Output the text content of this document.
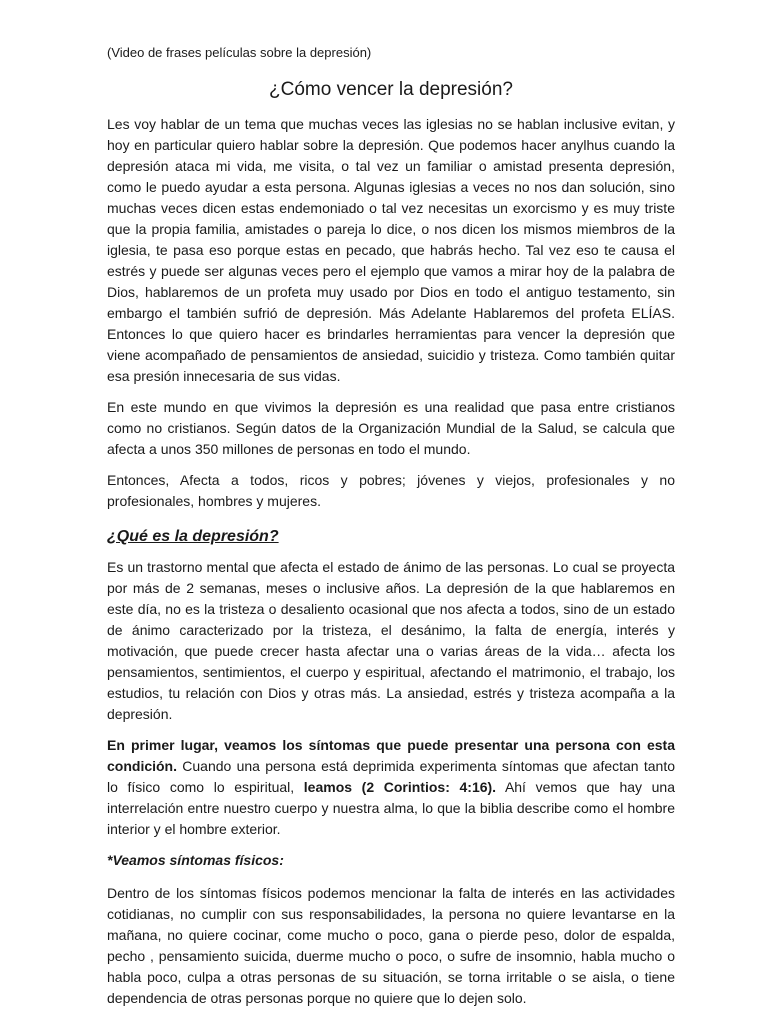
(Video de frases películas sobre la depresión)
¿Cómo vencer la depresión?

Les voy hablar de un tema que muchas veces las iglesias no se hablan inclusive evitan, y hoy en particular quiero hablar sobre la depresión. Que podemos hacer anylhus cuando la depresión ataca mi vida, me visita, o tal vez un familiar o amistad presenta depresión, como le puedo ayudar a esta persona. Algunas iglesias a veces no nos dan solución, sino muchas veces dicen estas endemoniado o tal vez necesitas un exorcismo y es muy triste que la propia familia, amistades o pareja lo dice, o nos dicen los mismos miembros de la iglesia, te pasa eso porque estas en pecado, que habrás hecho. Tal vez eso te causa el estrés y puede ser algunas veces pero el ejemplo que vamos a mirar hoy de la palabra de Dios, hablaremos de un profeta muy usado por Dios en todo el antiguo testamento, sin embargo el también sufrió de depresión. Más Adelante Hablaremos del profeta ELÍAS. Entonces lo que quiero hacer es brindarles herramientas para vencer la depresión que viene acompañado de pensamientos de ansiedad, suicidio y tristeza. Como también quitar esa presión innecesaria de sus vidas.

En este mundo en que vivimos la depresión es una realidad que pasa entre cristianos como no cristianos. Según datos de la Organización Mundial de la Salud, se calcula que afecta a unos 350 millones de personas en todo el mundo.

Entonces, Afecta a todos, ricos y pobres; jóvenes y viejos, profesionales y no profesionales, hombres y mujeres.

¿Qué es la depresión?

Es un trastorno mental que afecta el estado de ánimo de las personas. Lo cual se proyecta por más de 2 semanas, meses o inclusive años. La depresión de la que hablaremos en este día, no es la tristeza o desaliento ocasional que nos afecta a todos, sino de un estado de ánimo caracterizado por la tristeza, el desánimo, la falta de energía, interés y motivación, que puede crecer hasta afectar una o varias áreas de la vida… afecta los pensamientos, sentimientos, el cuerpo y espiritual, afectando el matrimonio, el trabajo, los estudios, tu relación con Dios y otras más. La ansiedad, estrés y tristeza acompaña a la depresión.

En primer lugar, veamos los síntomas que puede presentar una persona con esta condición. Cuando una persona está deprimida experimenta síntomas que afectan tanto lo físico como lo espiritual, leamos (2 Corintios: 4:16). Ahí vemos que hay una interrelación entre nuestro cuerpo y nuestra alma, lo que la biblia describe como el hombre interior y el hombre exterior.

*Veamos síntomas físicos:

Dentro de los síntomas físicos podemos mencionar la falta de interés en las actividades cotidianas, no cumplir con sus responsabilidades, la persona no quiere levantarse en la mañana, no quiere cocinar, come mucho o poco, gana o pierde peso, dolor de espalda, pecho , pensamiento suicida, duerme mucho o poco, o sufre de insomnio, habla mucho o habla poco, culpa a otras personas de su situación, se torna irritable o se aisla, o tiene dependencia de otras personas porque no quiere que lo dejen solo.
